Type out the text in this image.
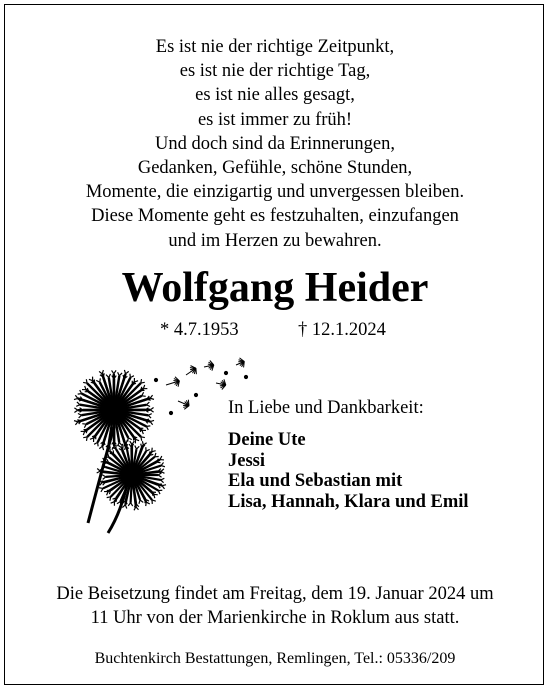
Es ist nie der richtige Zeitpunkt,
es ist nie der richtige Tag,
es ist nie alles gesagt,
es ist immer zu früh!
Und doch sind da Erinnerungen,
Gedanken, Gefühle, schöne Stunden,
Momente, die einzigartig und unvergessen bleiben.
Diese Momente geht es festzuhalten, einzufangen
und im Herzen zu bewahren.
Wolfgang Heider
* 4.7.1953	† 12.1.2024
In Liebe und Dankbarkeit:
Deine Ute
Jessi
Ela und Sebastian mit
Lisa, Hannah, Klara und Emil
Die Beisetzung findet am Freitag, dem 19. Januar 2024 um
11 Uhr von der Marienkirche in Roklum aus statt.
Buchtenkirch Bestattungen, Remlingen, Tel.: 05336/209
